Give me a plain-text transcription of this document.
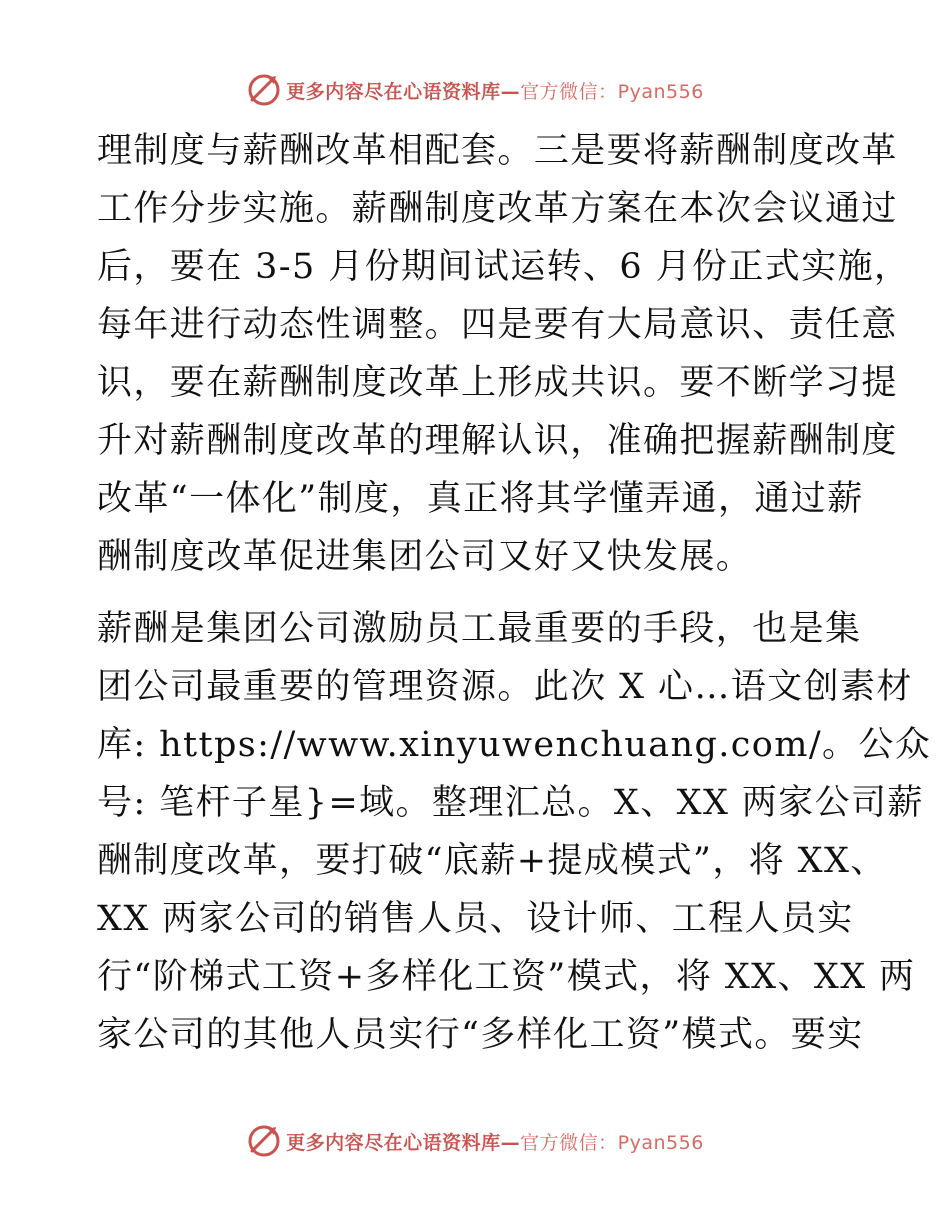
更多内容尽在心语资料库—官方微信：Pyan556
理制度与薪酬改革相配套。三是要将薪酬制度改革
工作分步实施。薪酬制度改革方案在本次会议通过
后，要在 3-5 月份期间试运转、6 月份正式实施，
每年进行动态性调整。四是要有大局意识、责任意
识，要在薪酬制度改革上形成共识。要不断学习提
升对薪酬制度改革的理解认识，准确把握薪酬制度
改革“一体化”制度，真正将其学懂弄通，通过薪
酬制度改革促进集团公司又好又快发展。
薪酬是集团公司激励员工最重要的手段，也是集
团公司最重要的管理资源。此次 X 心…语文创素材
库: https://www.xinyuwenchuang.com/。公众
号: 笔杆子星}=域。整理汇总。X、XX 两家公司薪
酬制度改革，要打破“底薪+提成模式”，将 XX、
XX 两家公司的销售人员、设计师、工程人员实
行“阶梯式工资+多样化工资”模式，将 XX、XX 两
家公司的其他人员实行“多样化工资”模式。要实
更多内容尽在心语资料库—官方微信：Pyan556
